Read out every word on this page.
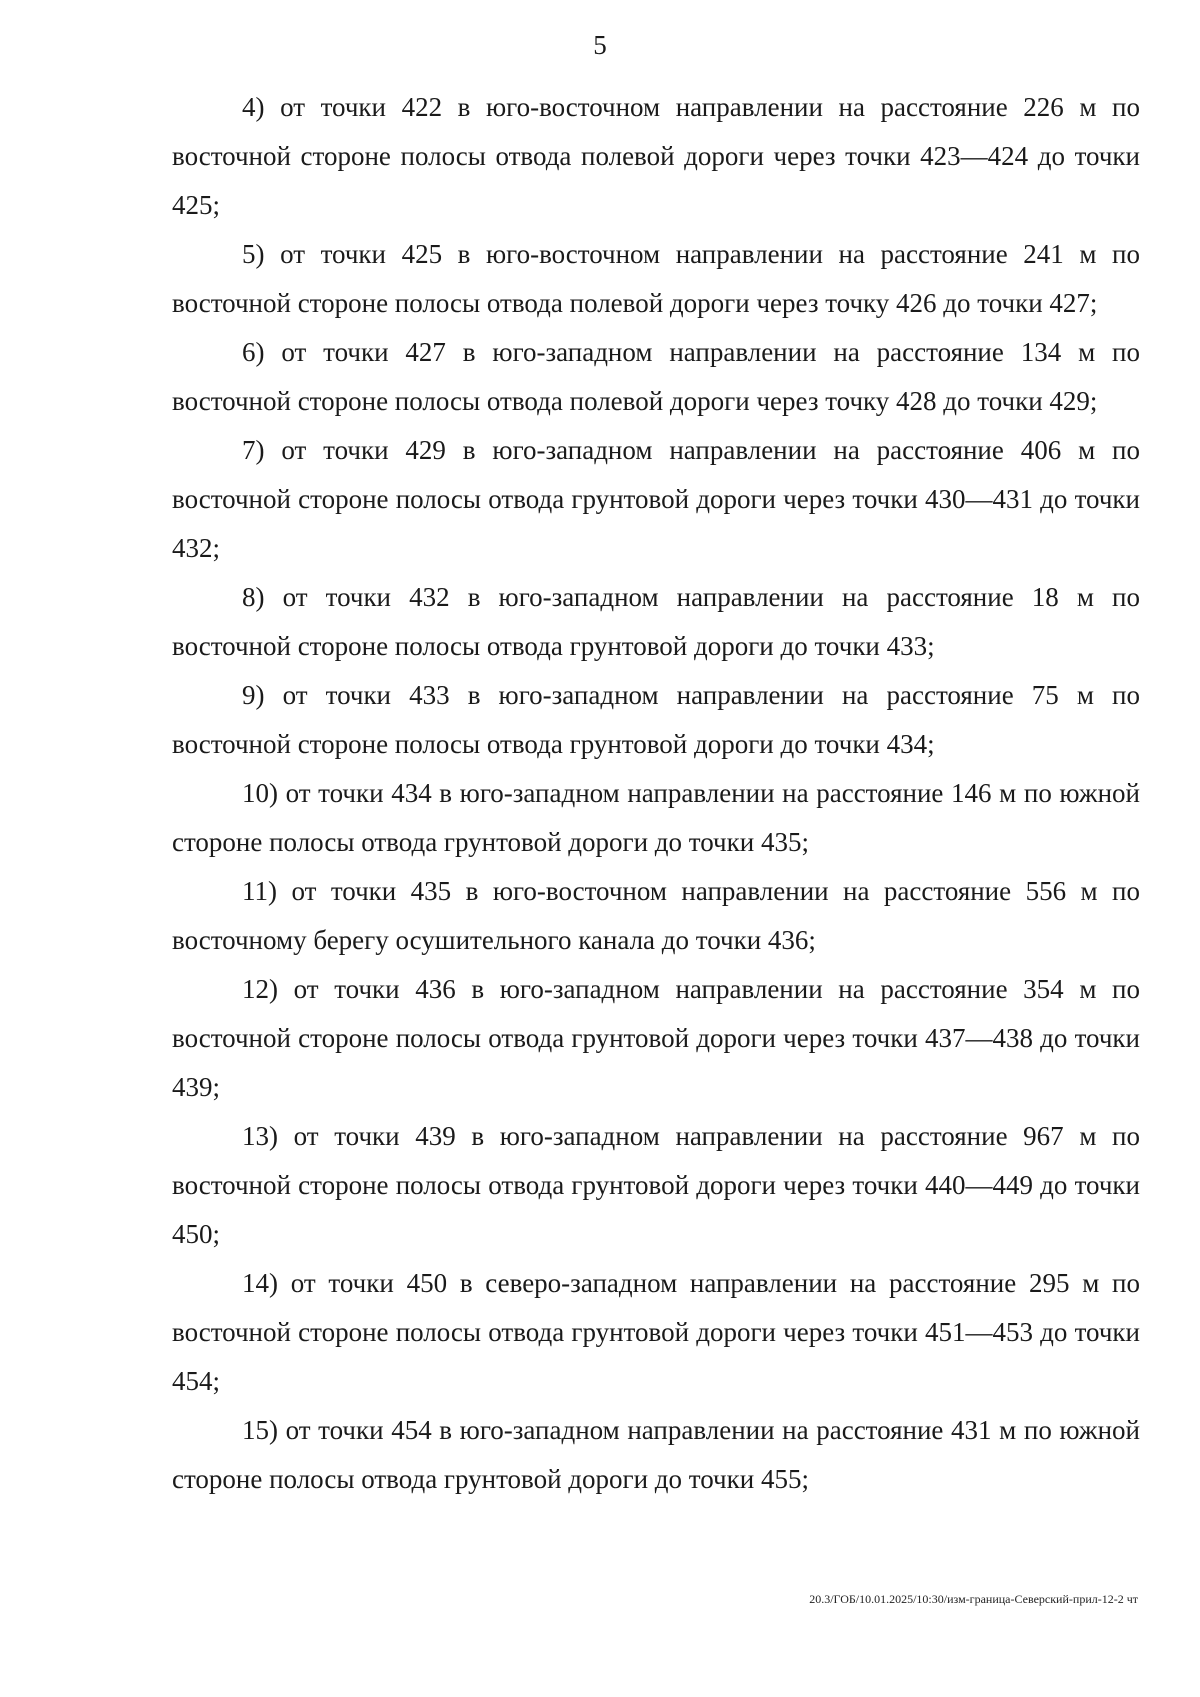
5

4) от точки 422 в юго-восточном направлении на расстояние 226 м по восточной стороне полосы отвода полевой дороги через точки 423—424 до точки 425;

5) от точки 425 в юго-восточном направлении на расстояние 241 м по восточной стороне полосы отвода полевой дороги через точку 426 до точки 427;

6) от точки 427 в юго-западном направлении на расстояние 134 м по восточной стороне полосы отвода полевой дороги через точку 428 до точки 429;

7) от точки 429 в юго-западном направлении на расстояние 406 м по восточной стороне полосы отвода грунтовой дороги через точки 430—431 до точки 432;

8) от точки 432 в юго-западном направлении на расстояние 18 м по восточной стороне полосы отвода грунтовой дороги до точки 433;

9) от точки 433 в юго-западном направлении на расстояние 75 м по восточной стороне полосы отвода грунтовой дороги до точки 434;

10) от точки 434 в юго-западном направлении на расстояние 146 м по южной стороне полосы отвода грунтовой дороги до точки 435;

11) от точки 435 в юго-восточном направлении на расстояние 556 м по восточному берегу осушительного канала до точки 436;

12) от точки 436 в юго-западном направлении на расстояние 354 м по восточной стороне полосы отвода грунтовой дороги через точки 437—438 до точки 439;

13) от точки 439 в юго-западном направлении на расстояние 967 м по восточной стороне полосы отвода грунтовой дороги через точки 440—449 до точки 450;

14) от точки 450 в северо-западном направлении на расстояние 295 м по восточной стороне полосы отвода грунтовой дороги через точки 451—453 до точки 454;

15) от точки 454 в юго-западном направлении на расстояние 431 м по южной стороне полосы отвода грунтовой дороги до точки 455;

20.3/ГОБ/10.01.2025/10:30/изм-граница-Северский-прил-12-2 чт
